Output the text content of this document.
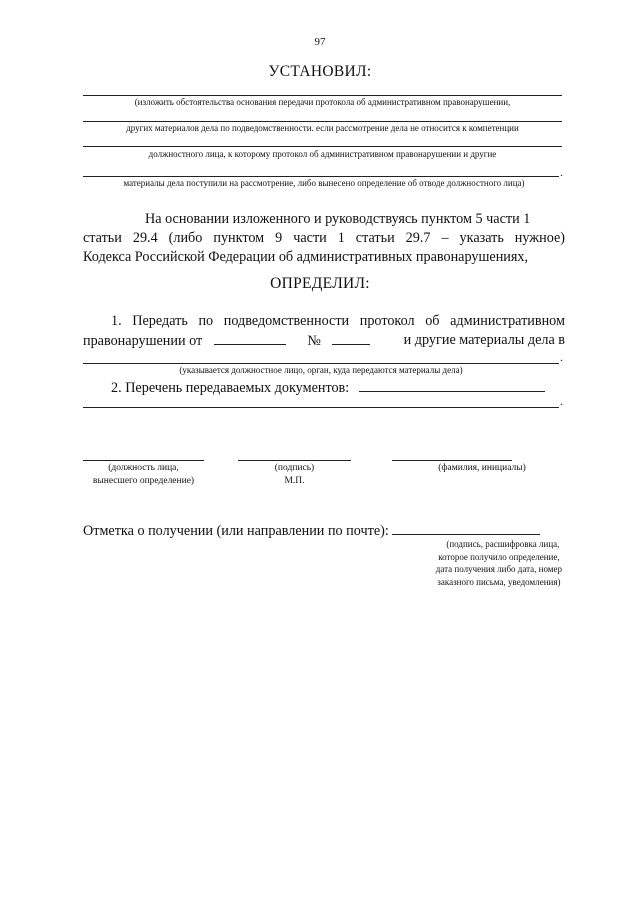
97
УСТАНОВИЛ:
(изложить обстоятельства основания передачи протокола об административном правонарушении,
других материалов дела по подведомственности. если рассмотрение дела не относится к компетенции
должностного лица, к которому протокол об административном правонарушении и другие
.
материалы дела поступили на рассмотрение, либо вынесено определение об отводе должностного лица)
На основании изложенного и руководствуясь пунктом 5 части 1
статьи 29.4 (либо пунктом 9 части 1 статьи 29.7 – указать нужное)
Кодекса Российской Федерации об административных правонарушениях,
ОПРЕДЕЛИЛ:
1. Передать по подведомственности протокол об административном
правонарушении от	№	и другие материалы дела в
.
(указывается должностное лицо, орган, куда передаются материалы дела)
2. Перечень передаваемых документов:
.
(должность лица,
вынесшего определение)
(подпись)
М.П.
(фамилия, инициалы)
Отметка о получении (или направлении по почте):
(подпись, расшифровка лица,
которое получило определение,
дата получения либо дата, номер
заказного письма, уведомления)
